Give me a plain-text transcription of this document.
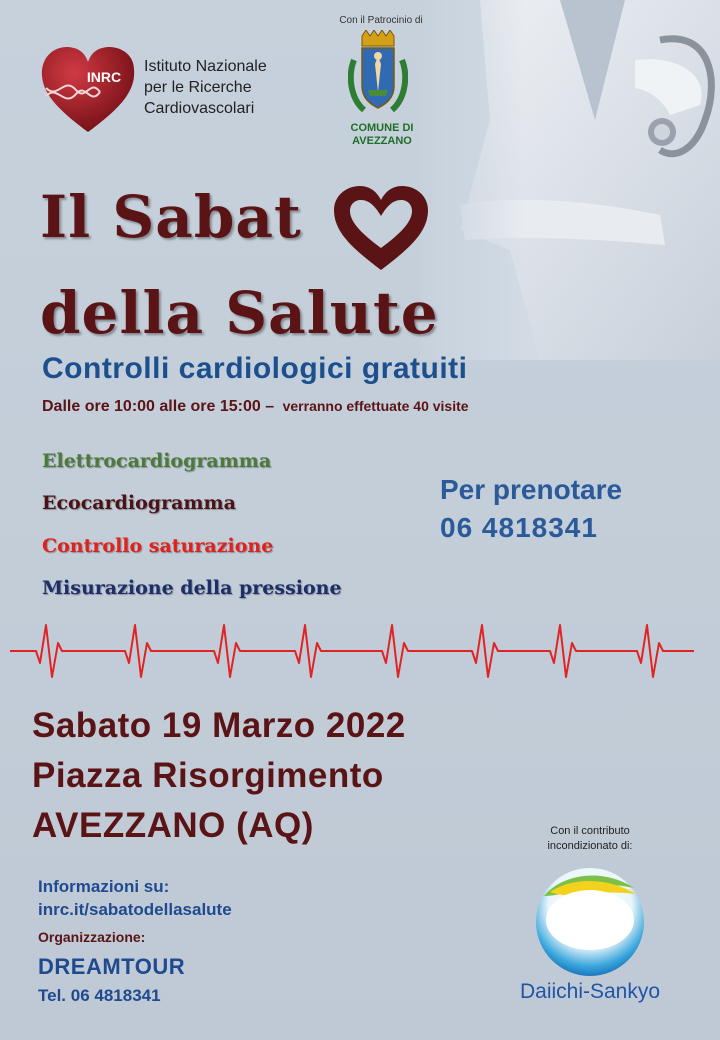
INRC
Istituto Nazionale
per le Ricerche
Cardiovascolari
Con il Patrocinio di
COMUNE DI
AVEZZANO
Il Sabat
della Salute
Controlli cardiologici gratuiti
Dalle ore 10:00 alle ore 15:00 – verranno effettuate 40 visite
Elettrocardiogramma
Ecocardiogramma
Controllo saturazione
Misurazione della pressione
Per prenotare
06 4818341
Sabato 19 Marzo 2022
Piazza Risorgimento
AVEZZANO (AQ)
Informazioni su:
inrc.it/sabatodellasalute
Organizzazione:
DREAMTOUR
Tel. 06 4818341
Con il contributo
incondizionato di:
Daiichi-Sankyo
